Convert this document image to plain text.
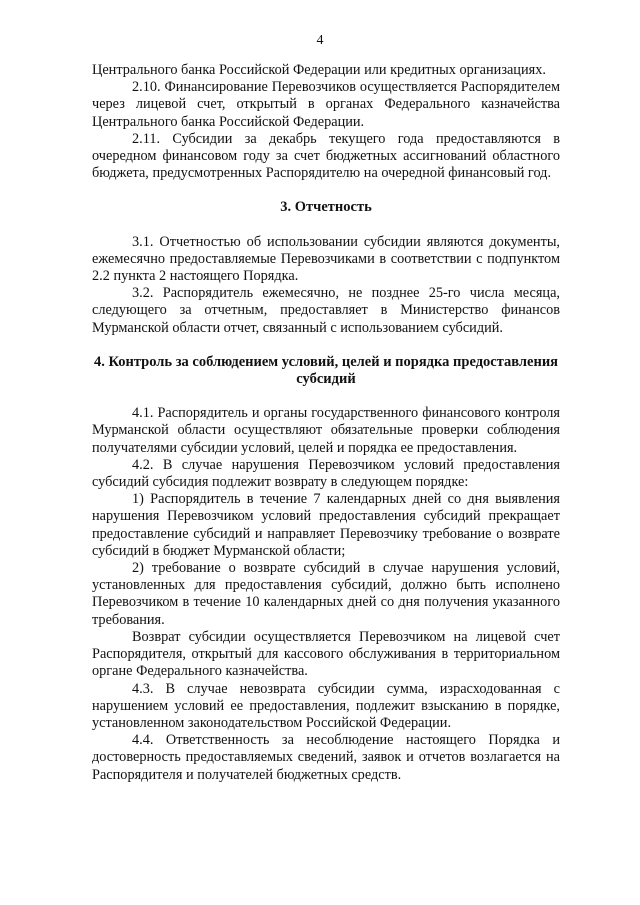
4

Центрального банка Российской Федерации или кредитных организациях.

2.10. Финансирование Перевозчиков осуществляется Распорядителем через лицевой счет, открытый в органах Федерального казначейства Центрального банка Российской Федерации.

2.11. Субсидии за декабрь текущего года предоставляются в очередном финансовом году за счет бюджетных ассигнований областного бюджета, предусмотренных Распорядителю на очередной финансовый год.

3. Отчетность

3.1. Отчетностью об использовании субсидии являются документы, ежемесячно предоставляемые Перевозчиками в соответствии с подпунктом 2.2 пункта 2 настоящего Порядка.

3.2. Распорядитель ежемесячно, не позднее 25-го числа месяца, следующего за отчетным, предоставляет в Министерство финансов Мурманской области отчет, связанный с использованием субсидий.

4. Контроль за соблюдением условий, целей и порядка предоставления субсидий

4.1. Распорядитель и органы государственного финансового контроля Мурманской области осуществляют обязательные проверки соблюдения получателями субсидии условий, целей и порядка ее предоставления.

4.2. В случае нарушения Перевозчиком условий предоставления субсидий субсидия подлежит возврату в следующем порядке:

1) Распорядитель в течение 7 календарных дней со дня выявления нарушения Перевозчиком условий предоставления субсидий прекращает предоставление субсидий и направляет Перевозчику требование о возврате субсидий в бюджет Мурманской области;

2) требование о возврате субсидий в случае нарушения условий, установленных для предоставления субсидий, должно быть исполнено Перевозчиком в течение 10 календарных дней со дня получения указанного требования.

Возврат субсидии осуществляется Перевозчиком на лицевой счет Распорядителя, открытый для кассового обслуживания в территориальном органе Федерального казначейства.

4.3. В случае невозврата субсидии сумма, израсходованная с нарушением условий ее предоставления, подлежит взысканию в порядке, установленном законодательством Российской Федерации.

4.4. Ответственность за несоблюдение настоящего Порядка и достоверность предоставляемых сведений, заявок и отчетов возлагается на Распорядителя и получателей бюджетных средств.
